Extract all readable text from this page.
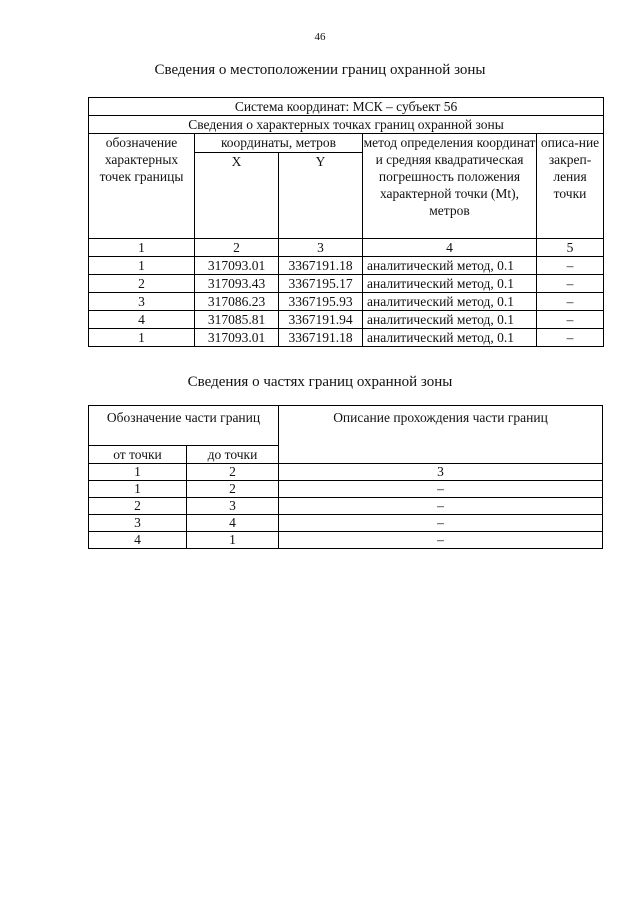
46
Сведения о местоположении границ охранной зоны
Система координат: МСК – субъект 56				
Сведения о характерных точках границ охранной зоны				
обозначение характерных точек границы	координаты, метров		метод определения координат и средняя квадратическая погрешность положения характерной точки (Mt), метров	описа-ние закреп-ления точки
	X	Y		
1	2	3	4	5
1	317093.01	3367191.18	аналитический метод, 0.1	–
2	317093.43	3367195.17	аналитический метод, 0.1	–
3	317086.23	3367195.93	аналитический метод, 0.1	–
4	317085.81	3367191.94	аналитический метод, 0.1	–
1	317093.01	3367191.18	аналитический метод, 0.1	–
Сведения о частях границ охранной зоны
Обозначение части границ		Описание прохождения части границ
от точки	до точки	
1	2	3
1	2	–
2	3	–
3	4	–
4	1	–
